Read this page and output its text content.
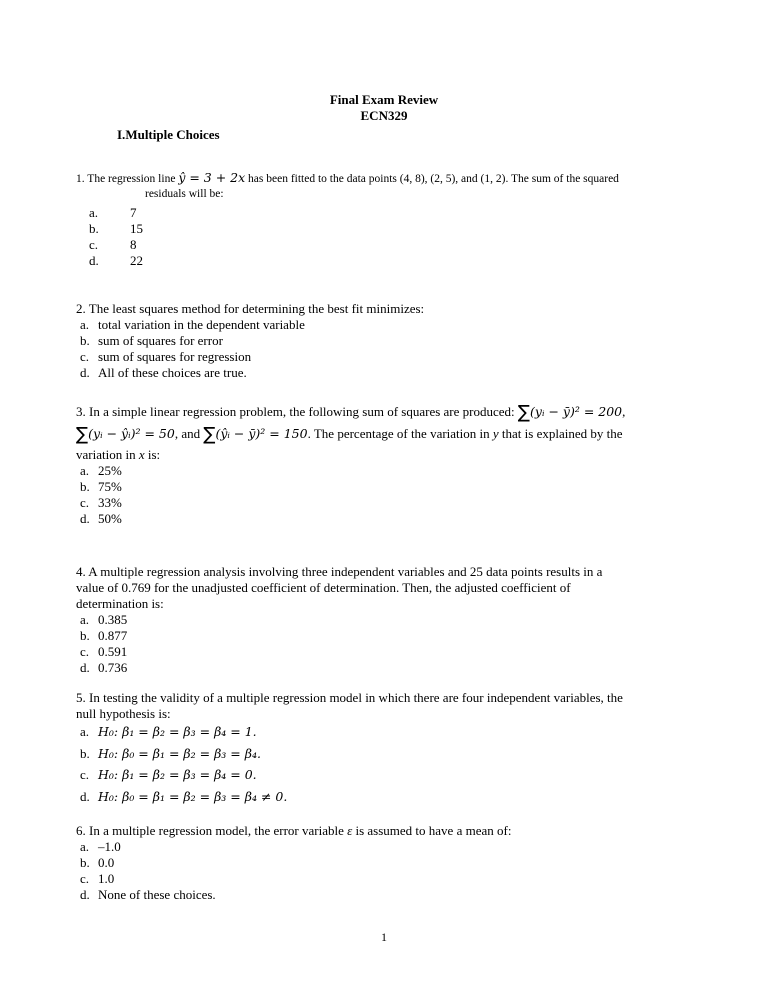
Final Exam Review
ECN329
I.Multiple Choices
1. The regression line ŷ = 3 + 2x has been fitted to the data points (4, 8), (2, 5), and (1, 2). The sum of the squared
residuals will be:
a. 7
b. 15
c. 8
d. 22
2. The least squares method for determining the best fit minimizes:
a. total variation in the dependent variable
b. sum of squares for error
c. sum of squares for regression
d. All of these choices are true.
3. In a simple linear regression problem, the following sum of squares are produced: ∑(yᵢ − ȳ)² = 200,
∑(yᵢ − ŷᵢ)² = 50, and ∑(ŷᵢ − ȳ)² = 150. The percentage of the variation in y that is explained by the
variation in x is:
a. 25%
b. 75%
c. 33%
d. 50%
4. A multiple regression analysis involving three independent variables and 25 data points results in a
value of 0.769 for the unadjusted coefficient of determination. Then, the adjusted coefficient of
determination is:
a. 0.385
b. 0.877
c. 0.591
d. 0.736
5. In testing the validity of a multiple regression model in which there are four independent variables, the
null hypothesis is:
a. H₀: β₁ = β₂ = β₃ = β₄ = 1.
b. H₀: β₀ = β₁ = β₂ = β₃ = β₄.
c. H₀: β₁ = β₂ = β₃ = β₄ = 0.
d. H₀: β₀ = β₁ = β₂ = β₃ = β₄ ≠ 0.
6. In a multiple regression model, the error variable ε is assumed to have a mean of:
a. –1.0
b. 0.0
c. 1.0
d. None of these choices.
1
